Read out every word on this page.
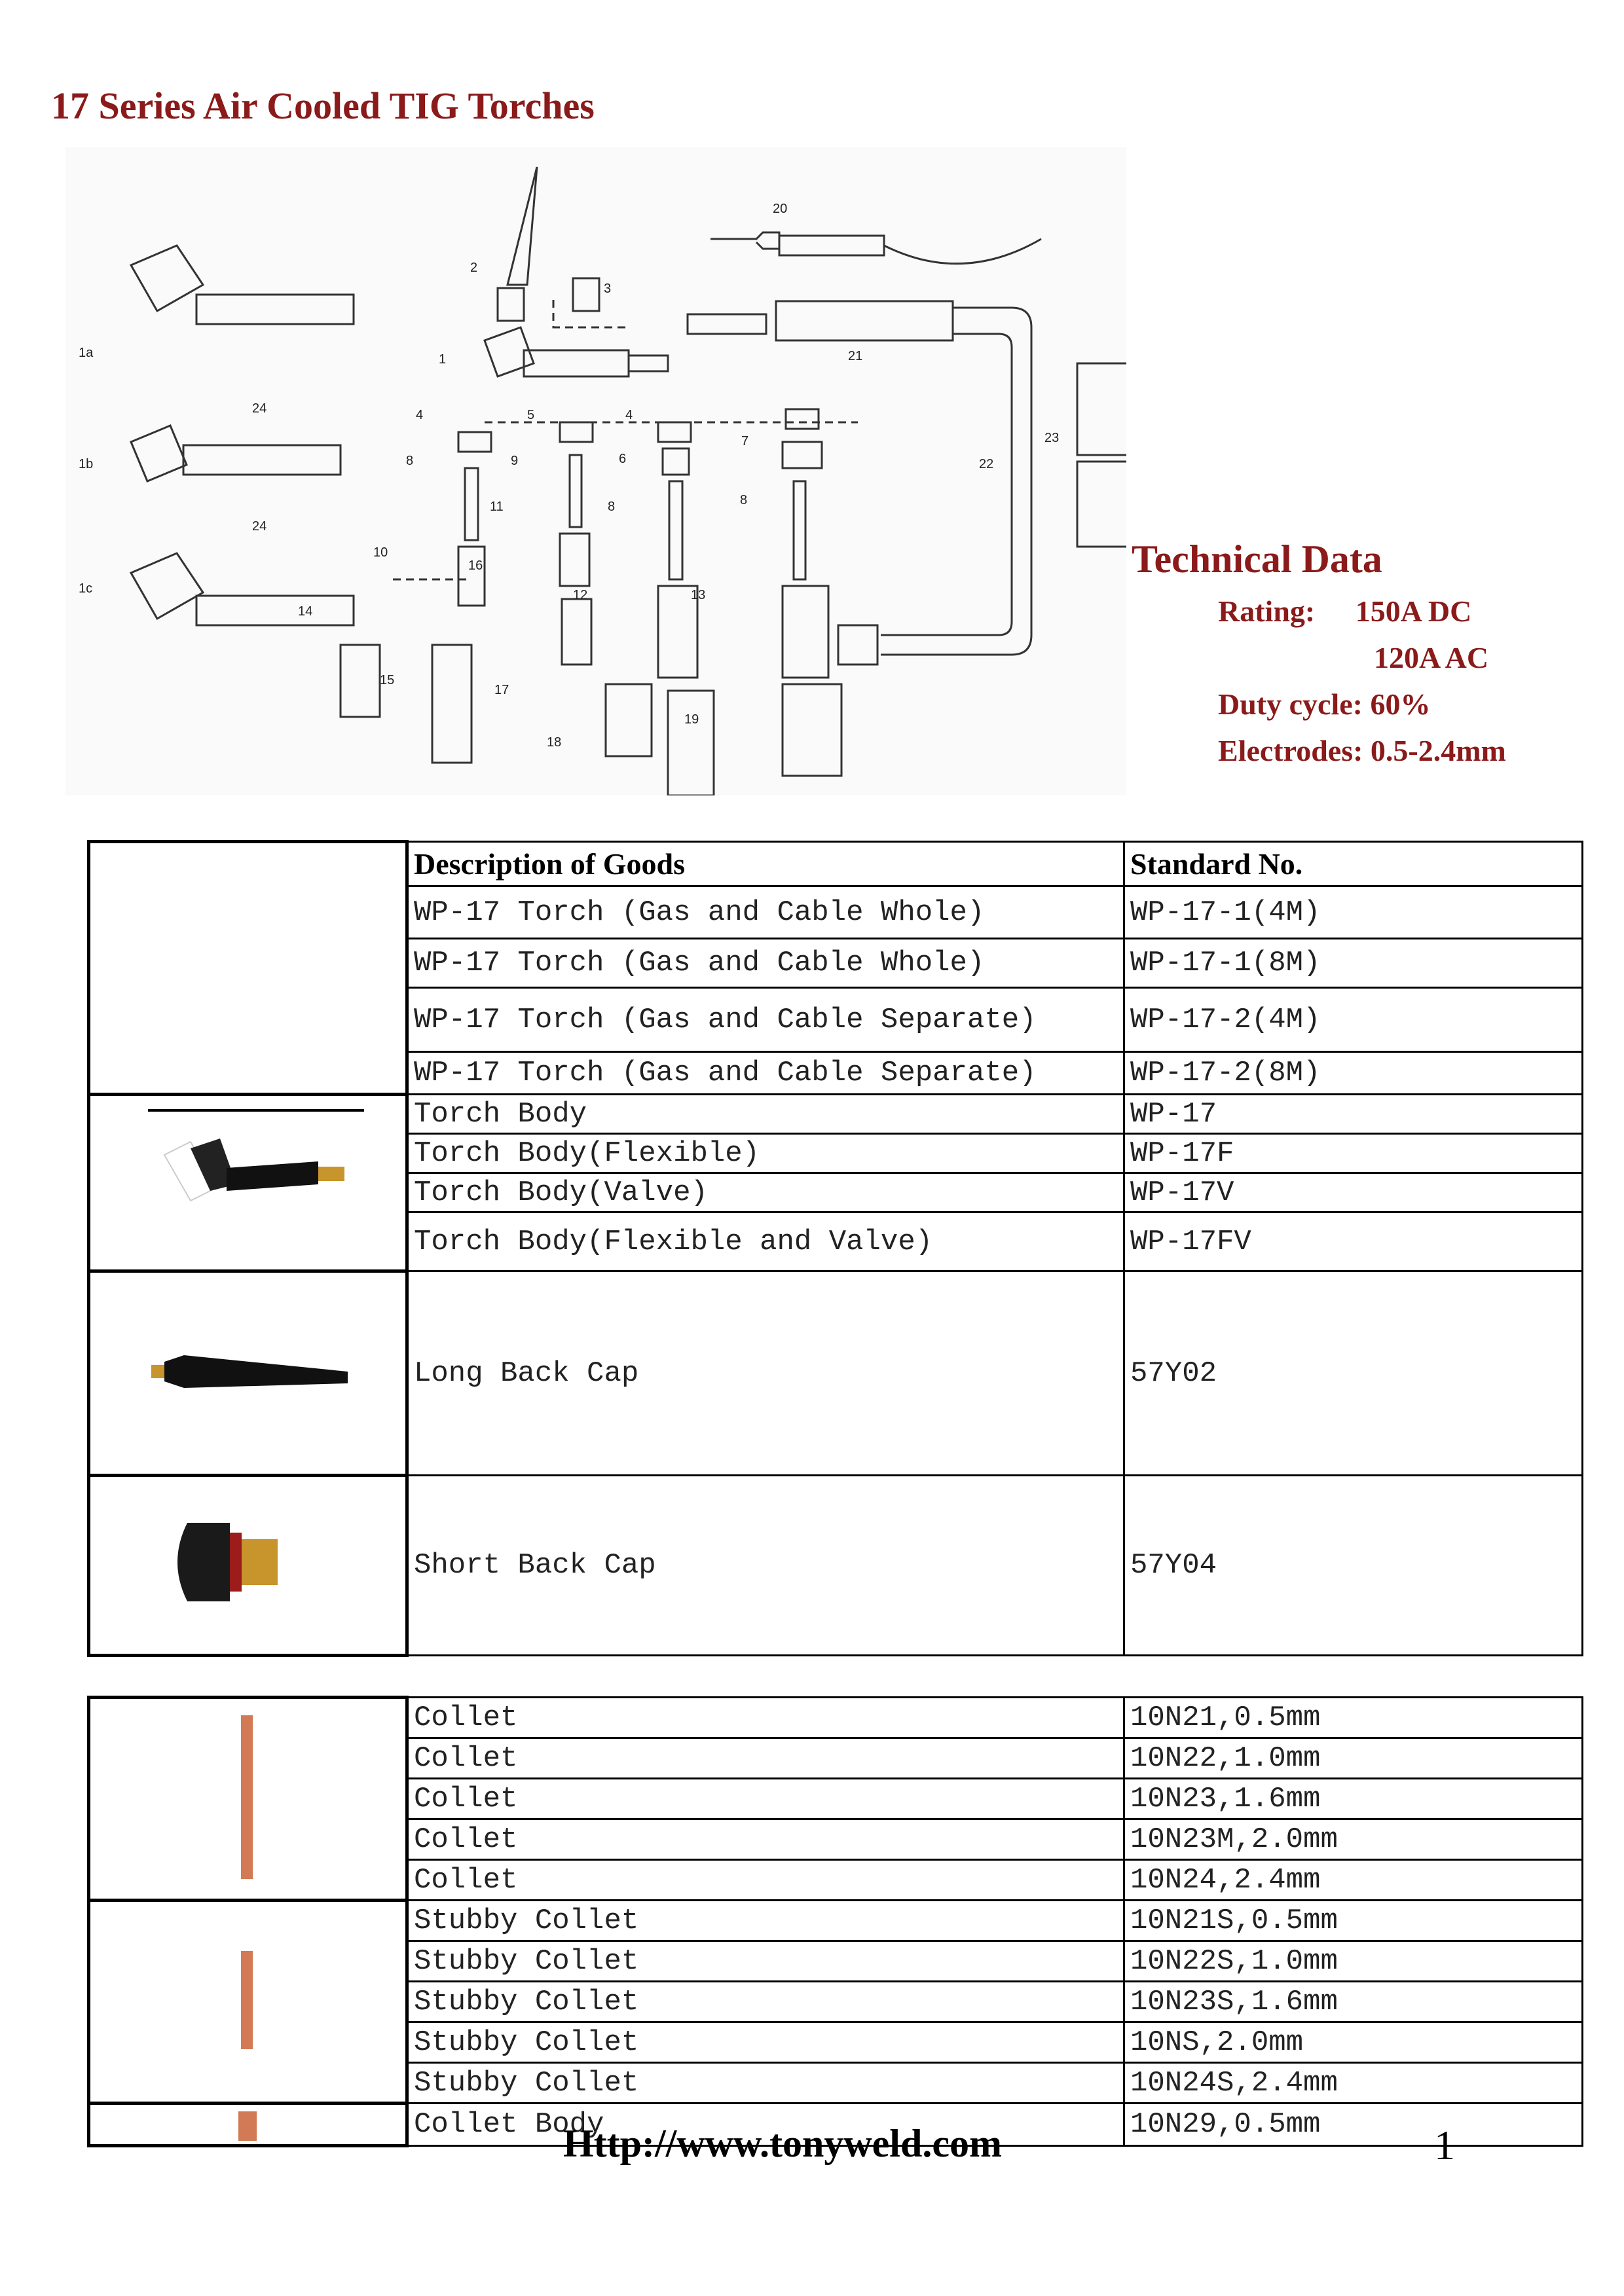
17 Series Air Cooled TIG Torches
20
2
3
1a	1	21
24	4	5	4
7	23
22
1b	8	9	6
8
11
24
16
8
1c
10
14
12	13
15
17
19
18
Technical Data
Rating: 150A DC
120A AC
Duty cycle: 60%
Electrodes: 0.5-2.4mm
	Description of Goods	Standard No.
	WP-17 Torch (Gas and Cable Whole)	WP-17-1(4M)
	WP-17 Torch (Gas and Cable Whole)	WP-17-1(8M)
	WP-17 Torch (Gas and Cable Separate)	WP-17-2(4M)
	WP-17 Torch (Gas and Cable Separate)	WP-17-2(8M)
	Torch Body	WP-17
	Torch Body(Flexible)	WP-17F
	Torch Body(Valve)	WP-17V
	Torch Body(Flexible and Valve)	WP-17FV
	Long Back Cap	57Y02
	Short Back Cap	57Y04
	Collet	10N21,0.5mm
	Collet	10N22,1.0mm
	Collet	10N23,1.6mm
	Collet	10N23M,2.0mm
	Collet	10N24,2.4mm
	Stubby Collet	10N21S,0.5mm
	Stubby Collet	10N22S,1.0mm
	Stubby Collet	10N23S,1.6mm
	Stubby Collet	10NS,2.0mm
	Stubby Collet	10N24S,2.4mm
	Collet Body	10N29,0.5mm
Http://www.tonyweld.com	1
